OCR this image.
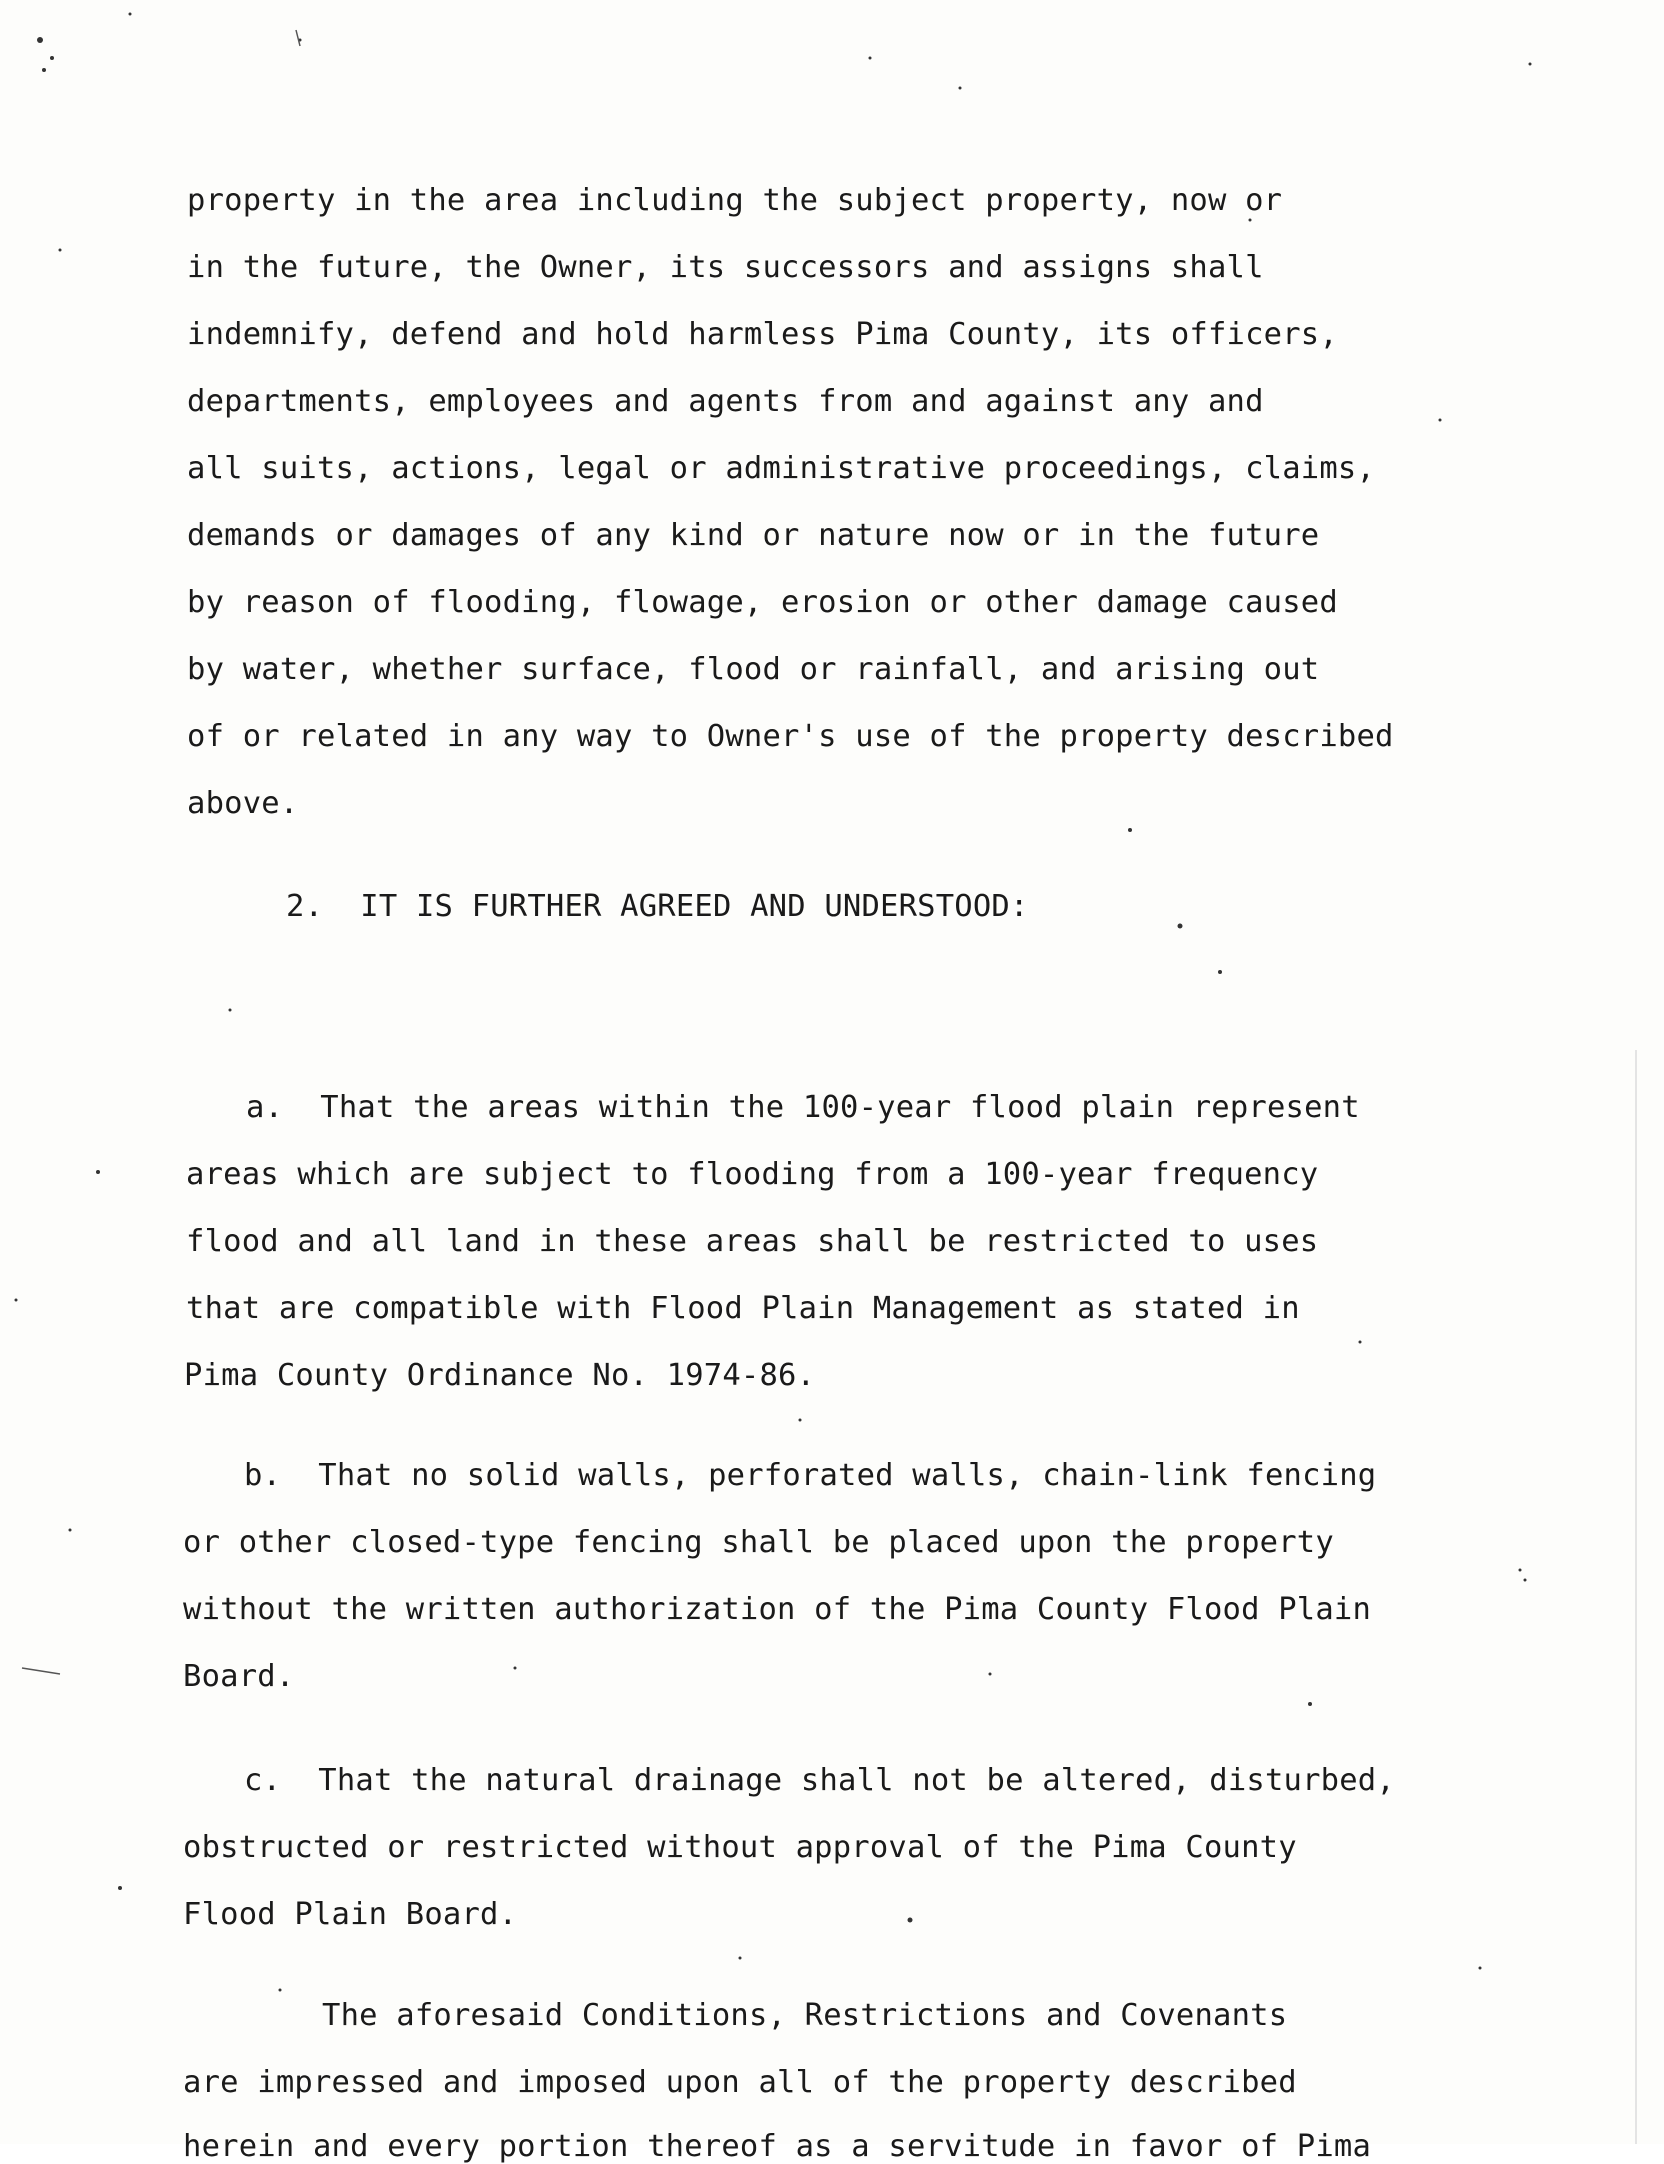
property in the area including the subject property, now or
in the future, the Owner, its successors and assigns shall
indemnify, defend and hold harmless Pima County, its officers,
departments, employees and agents from and against any and
all suits, actions, legal or administrative proceedings, claims,
demands or damages of any kind or nature now or in the future
by reason of flooding, flowage, erosion or other damage caused
by water, whether surface, flood or rainfall, and arising out
of or related in any way to Owner's use of the property described
above.
2.  IT IS FURTHER AGREED AND UNDERSTOOD:
a.  That the areas within the 100-year flood plain represent
areas which are subject to flooding from a 100-year frequency
flood and all land in these areas shall be restricted to uses
that are compatible with Flood Plain Management as stated in
Pima County Ordinance No. 1974-86.
b.  That no solid walls, perforated walls, chain-link fencing
or other closed-type fencing shall be placed upon the property
without the written authorization of the Pima County Flood Plain
Board.
c.  That the natural drainage shall not be altered, disturbed,
obstructed or restricted without approval of the Pima County
Flood Plain Board.
The aforesaid Conditions, Restrictions and Covenants
are impressed and imposed upon all of the property described
herein and every portion thereof as a servitude in favor of Pima
